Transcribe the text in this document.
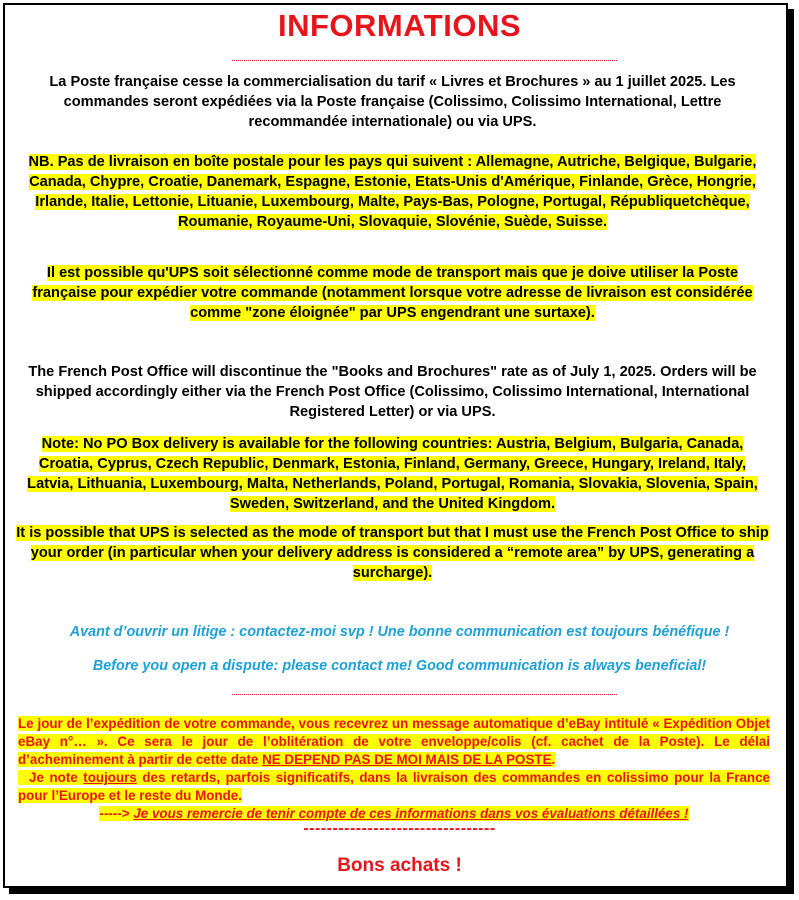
INFORMATIONS
La Poste française cesse la commercialisation du tarif « Livres et Brochures » au 1 juillet 2025. Les commandes seront expédiées via la Poste française (Colissimo, Colissimo International, Lettre recommandée internationale) ou via UPS.
NB. Pas de livraison en boîte postale pour les pays qui suivent : Allemagne, Autriche, Belgique, Bulgarie, Canada, Chypre, Croatie, Danemark, Espagne, Estonie, Etats-Unis d'Amérique, Finlande, Grèce, Hongrie, Irlande, Italie, Lettonie, Lituanie, Luxembourg, Malte, Pays-Bas, Pologne, Portugal, Républiquetchèque, Roumanie, Royaume-Uni, Slovaquie, Slovénie, Suède, Suisse.
Il est possible qu'UPS soit sélectionné comme mode de transport mais que je doive utiliser la Poste française pour expédier votre commande (notamment lorsque votre adresse de livraison est considérée comme "zone éloignée" par UPS engendrant une surtaxe).
The French Post Office will discontinue the "Books and Brochures" rate as of July 1, 2025. Orders will be shipped accordingly either via the French Post Office (Colissimo, Colissimo International, International Registered Letter) or via UPS.
Note: No PO Box delivery is available for the following countries: Austria, Belgium, Bulgaria, Canada, Croatia, Cyprus, Czech Republic, Denmark, Estonia, Finland, Germany, Greece, Hungary, Ireland, Italy, Latvia, Lithuania, Luxembourg, Malta, Netherlands, Poland, Portugal, Romania, Slovakia, Slovenia, Spain, Sweden, Switzerland, and the United Kingdom.
It is possible that UPS is selected as the mode of transport but that I must use the French Post Office to ship your order (in particular when your delivery address is considered a “remote area” by UPS, generating a surcharge).
Avant d’ouvrir un litige : contactez-moi svp ! Une bonne communication est toujours bénéfique !
Before you open a dispute: please contact me! Good communication is always beneficial!
Le jour de l’expédition de votre commande, vous recevrez un message automatique d’eBay intitulé « Expédition Objet eBay n°… ». Ce sera le jour de l’oblitération de votre enveloppe/colis (cf. cachet de la Poste). Le délai d’acheminement à partir de cette date NE DEPEND PAS DE MOI MAIS DE LA POSTE.
Je note toujours des retards, parfois significatifs, dans la livraison des commandes en colissimo pour la France pour l’Europe et le reste du Monde.
-----> Je vous remercie de tenir compte de ces informations dans vos évaluations détaillées !
---------------------------------
Bons achats !
